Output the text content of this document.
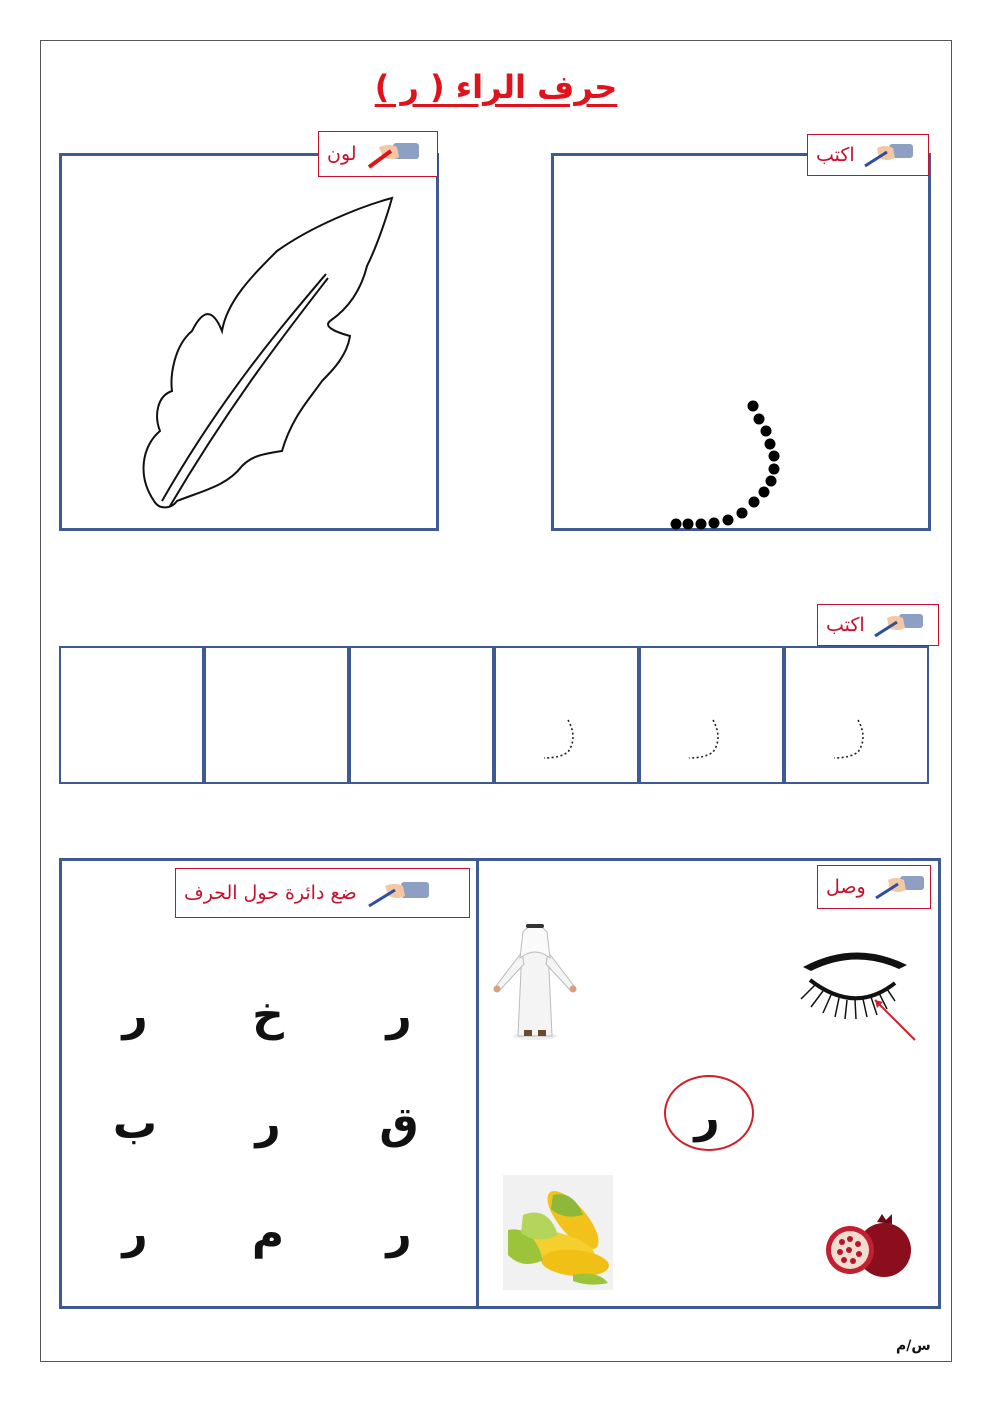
حرف الراء ( ر )
اكتب
لون
اكتب
ضع دائرة حول الحرف
ر
خ
ر
ق
ر
ب
ر
م
ر
وصل
ر
س/م
